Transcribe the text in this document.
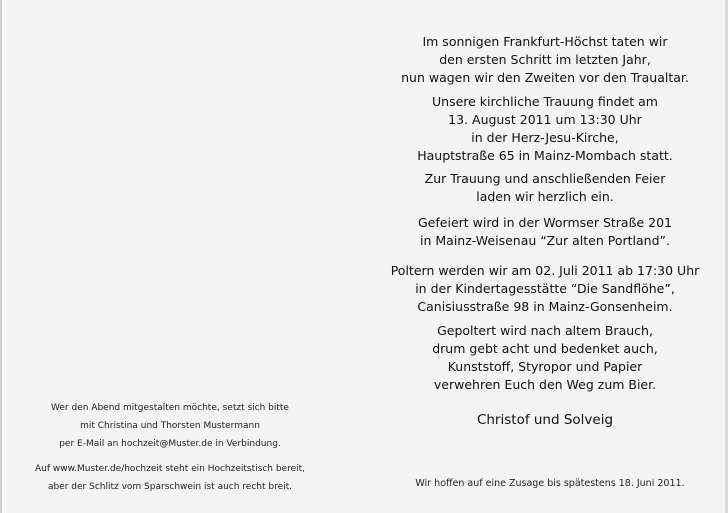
Im sonnigen Frankfurt-Höchst taten wir
den ersten Schritt im letzten Jahr,
nun wagen wir den Zweiten vor den Traualtar.
Unsere kirchliche Trauung findet am
13. August 2011 um 13:30 Uhr
in der Herz-Jesu-Kirche,
Hauptstraße 65 in Mainz-Mombach statt.
Zur Trauung und anschließenden Feier
laden wir herzlich ein.
Gefeiert wird in der Wormser Straße 201
in Mainz-Weisenau “Zur alten Portland”.
Poltern werden wir am 02. Juli 2011 ab 17:30 Uhr
in der Kindertagesstätte “Die Sandflöhe”,
Canisiusstraße 98 in Mainz-Gonsenheim.
Gepoltert wird nach altem Brauch,
drum gebt acht und bedenket auch,
Kunststoff, Styropor und Papier
verwehren Euch den Weg zum Bier.
Christof und Solveig
Wir hoffen auf eine Zusage bis spätestens 18. Juni 2011.
Wer den Abend mitgestalten möchte, setzt sich bitte
mit Christina und Thorsten Mustermann
per E-Mail an hochzeit@Muster.de in Verbindung.
Auf www.Muster.de/hochzeit steht ein Hochzeitstisch bereit,
aber der Schlitz vom Sparschwein ist auch recht breit.
